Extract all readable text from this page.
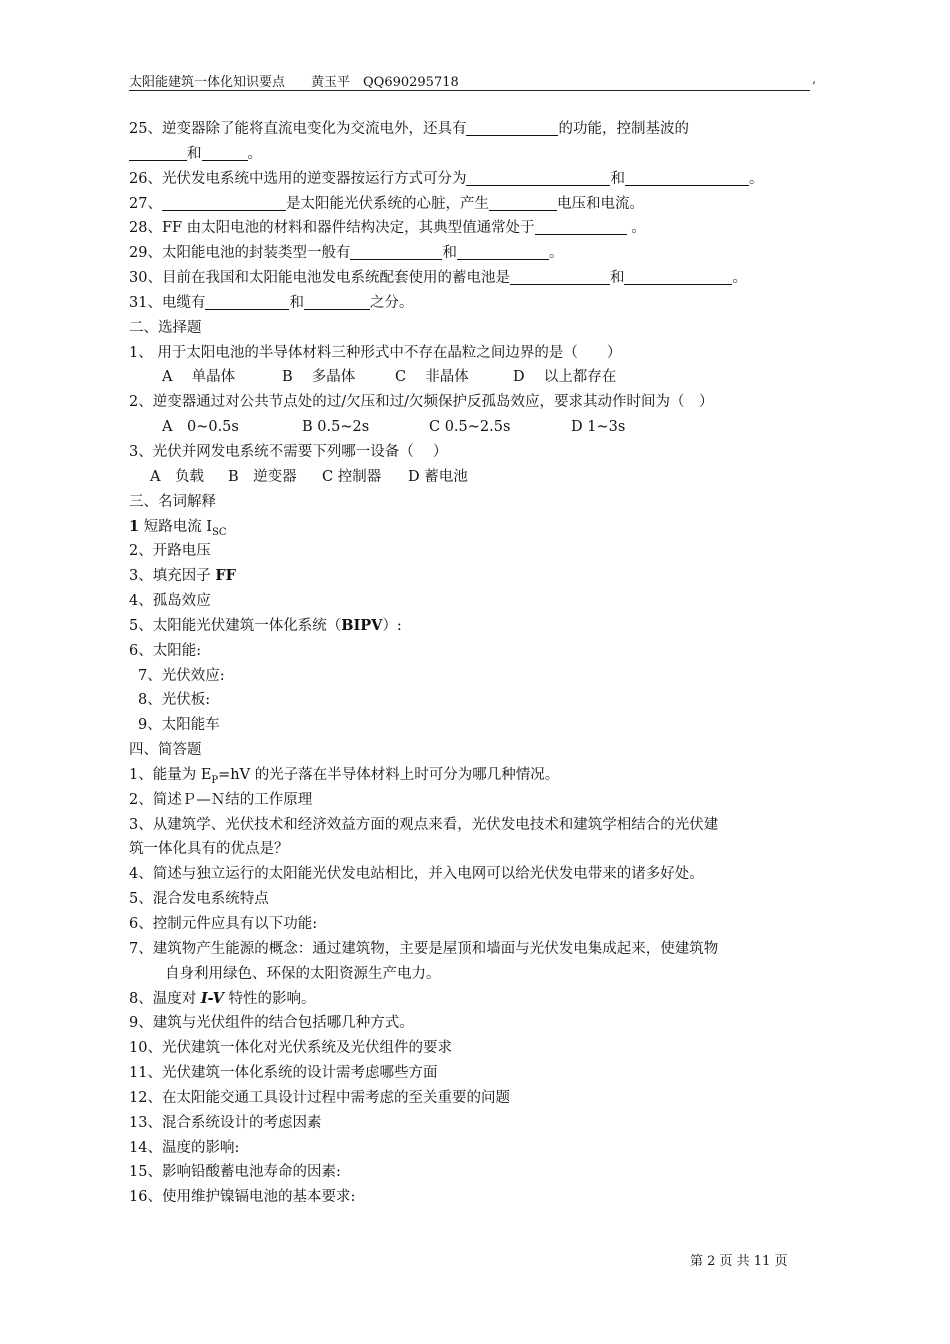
太阳能建筑一体化知识要点　　黄玉平　QQ690295718	,
25、逆变器除了能将直流电变化为交流电外，还具有	的功能，控制基波的
和	。
26、光伏发电系统中选用的逆变器按运行方式可分为	和	。
27、	是太阳能光伏系统的心脏，产生	电压和电流。
28、FF 由太阳电池的材料和器件结构决定，其典型值通常处于	。
29、太阳能电池的封装类型一般有	和	。
30、目前在我国和太阳能电池发电系统配套使用的蓄电池是	和	。
31、电缆有	和	之分。
二、选择题
1、 用于太阳电池的半导体材料三种形式中不存在晶粒之间边界的是（　　）
A　 单晶体	B　 多晶体	C　 非晶体	D　 以上都存在
2、逆变器通过对公共节点处的过/欠压和过/欠频保护反孤岛效应，要求其动作时间为（　）
A　0~0.5s	B 0.5~2s	C 0.5~2.5s	D 1~3s
3、光伏并网发电系统不需要下列哪一设备（　 ）
A　负载 B　逆变器 C 控制器 D 蓄电池
三、名词解释
1 短路电流 $I_{SC}$
2、开路电压
3、填充因子 FF
4、孤岛效应
5、太阳能光伏建筑一体化系统（BIPV）:
6、太阳能:
7、光伏效应:
8、光伏板:
9、太阳能车
四、简答题
1、能量为 $E_P=hV$ 的光子落在半导体材料上时可分为哪几种情况。
2、简述Ｐ—Ｎ结的工作原理
3、从建筑学、光伏技术和经济效益方面的观点来看，光伏发电技术和建筑学相结合的光伏建
筑一体化具有的优点是？
4、简述与独立运行的太阳能光伏发电站相比，并入电网可以给光伏发电带来的诸多好处。
5、混合发电系统特点
6、控制元件应具有以下功能:
7、建筑物产生能源的概念：通过建筑物，主要是屋顶和墙面与光伏发电集成起来，使建筑物
自身利用绿色、环保的太阳资源生产电力。
8、温度对 I-V 特性的影响。
9、建筑与光伏组件的结合包括哪几种方式。
10、光伏建筑一体化对光伏系统及光伏组件的要求
11、光伏建筑一体化系统的设计需考虑哪些方面
12、在太阳能交通工具设计过程中需考虑的至关重要的问题
13、混合系统设计的考虑因素
14、温度的影响:
15、影响铅酸蓄电池寿命的因素:
16、使用维护镍镉电池的基本要求:
第 2 页 共 11 页
